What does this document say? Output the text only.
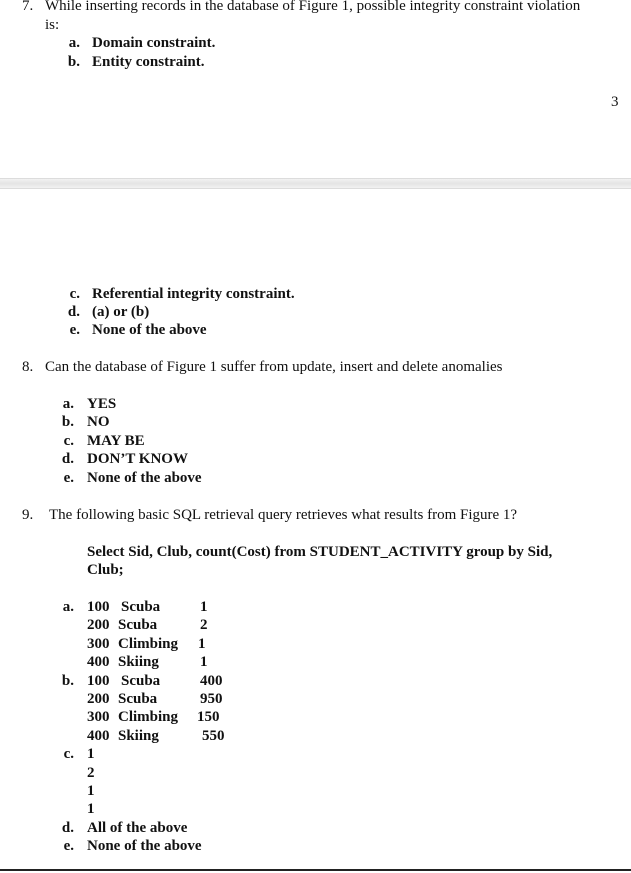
7. While inserting records in the database of Figure 1, possible integrity constraint violation
is:
a. Domain constraint.
b. Entity constraint.
3
c. Referential integrity constraint.
d. (a) or (b)
e. None of the above
8. Can the database of Figure 1 suffer from update, insert and delete anomalies
a. YES
b. NO
c. MAY BE
d. DON’T KNOW
e. None of the above
9. The following basic SQL retrieval query retrieves what results from Figure 1?
Select Sid, Club, count(Cost) from STUDENT_ACTIVITY group by Sid,
Club;
a. 100 Scuba	1
200 Scuba	2
300 Climbing 1
400 Skiing	1
b. 100 Scuba	400
200 Scuba	950
300 Climbing 150
400 Skiing	550
c. 1
2
1
1
d. All of the above
e. None of the above
